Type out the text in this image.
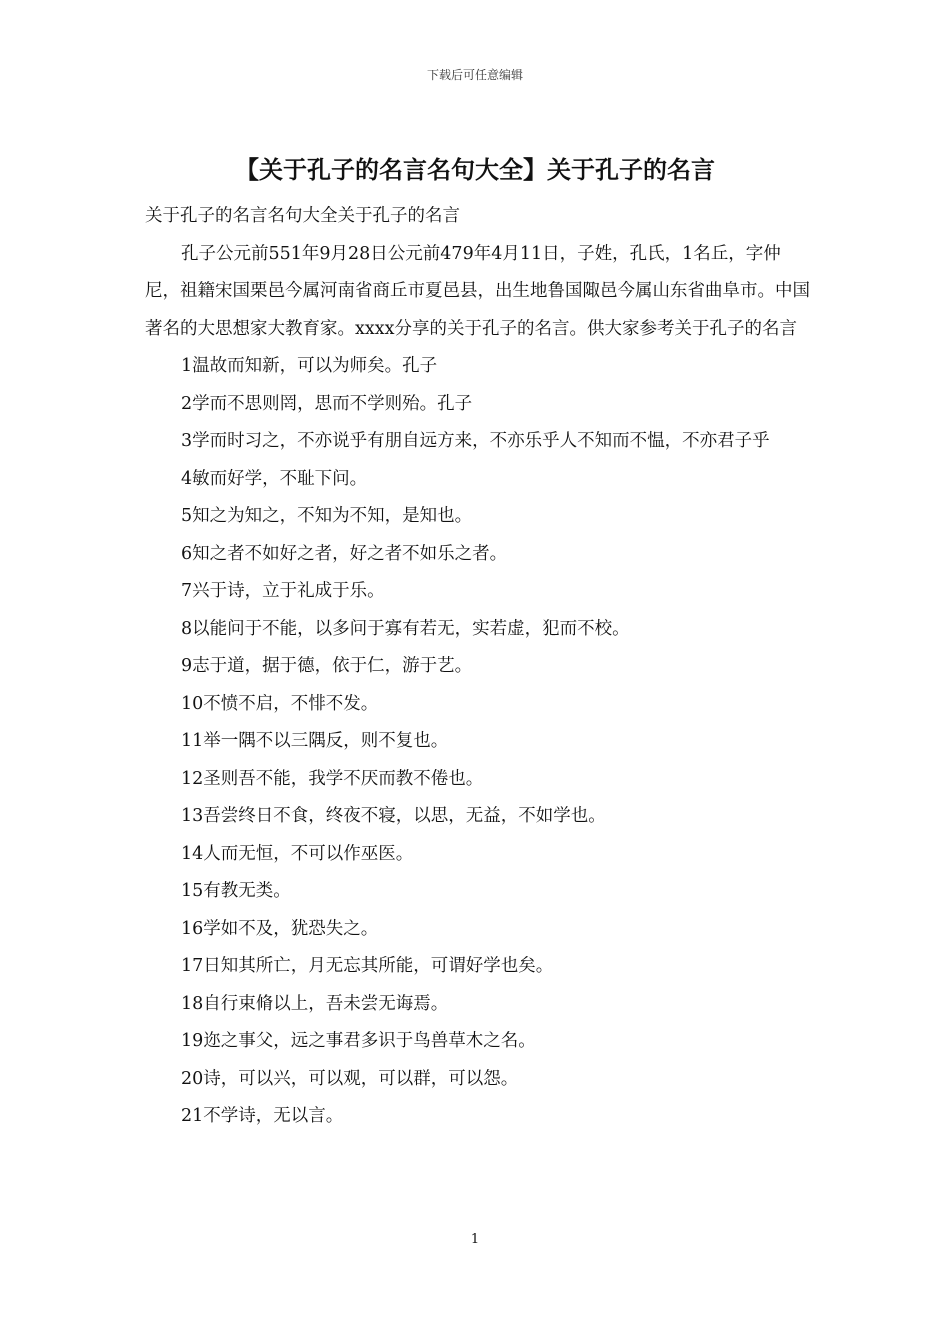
下载后可任意编辑
【关于孔子的名言名句大全】关于孔子的名言

关于孔子的名言名句大全关于孔子的名言

孔子公元前551年9月28日公元前479年4月11日，子姓，孔氏，1名丘，字仲尼，祖籍宋国栗邑今属河南省商丘市夏邑县，出生地鲁国陬邑今属山东省曲阜市。中国著名的大思想家大教育家。xxxx分享的关于孔子的名言。供大家参考关于孔子的名言

1温故而知新，可以为师矣。孔子

2学而不思则罔，思而不学则殆。孔子

3学而时习之，不亦说乎有朋自远方来，不亦乐乎人不知而不愠，不亦君子乎

4敏而好学，不耻下问。

5知之为知之，不知为不知，是知也。

6知之者不如好之者，好之者不如乐之者。

7兴于诗，立于礼成于乐。

8以能问于不能，以多问于寡有若无，实若虚，犯而不校。

9志于道，据于德，依于仁，游于艺。

10不愤不启，不悱不发。

11举一隅不以三隅反，则不复也。

12圣则吾不能，我学不厌而教不倦也。

13吾尝终日不食，终夜不寝，以思，无益，不如学也。

14人而无恒，不可以作巫医。

15有教无类。

16学如不及，犹恐失之。

17日知其所亡，月无忘其所能，可谓好学也矣。

18自行束脩以上，吾未尝无诲焉。

19迩之事父，远之事君多识于鸟兽草木之名。

20诗，可以兴，可以观，可以群，可以怨。

21不学诗，无以言。

1
